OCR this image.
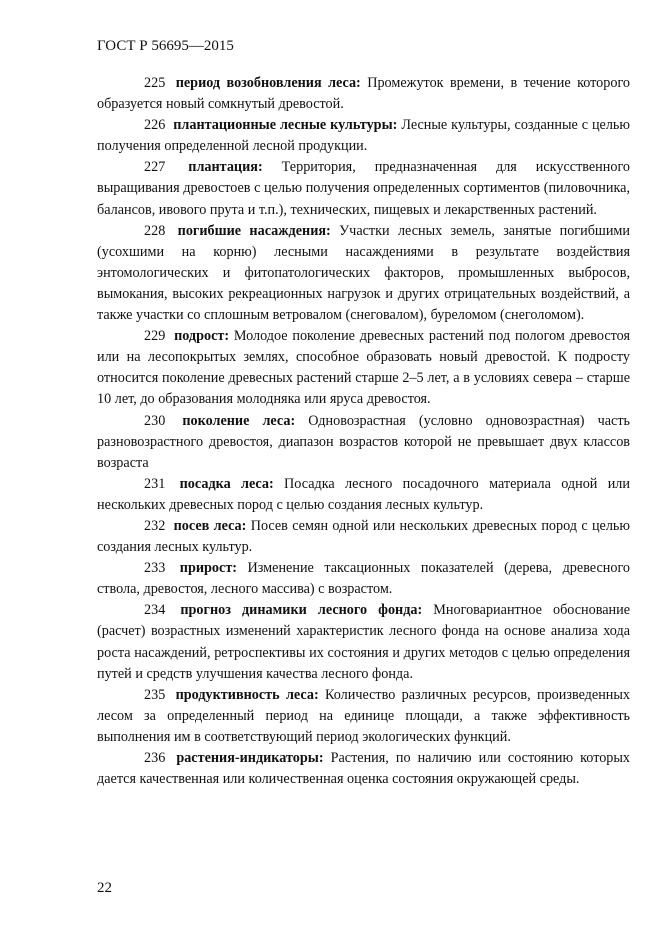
ГОСТ Р 56695—2015

225 период возобновления леса: Промежуток времени, в течение которого образуется новый сомкнутый древостой.

226 плантационные лесные культуры: Лесные культуры, созданные с целью получения определенной лесной продукции.

227 плантация: Территория, предназначенная для искусственного выращивания древостоев с целью получения определенных сортиментов (пиловочника, балансов, ивового прута и т.п.), технических, пищевых и лекарственных растений.

228 погибшие насаждения: Участки лесных земель, занятые погибшими (усохшими на корню) лесными насаждениями в результате воздействия энтомологических и фитопатологических факторов, промышленных выбросов, вымокания, высоких рекреационных нагрузок и других отрицательных воздействий, а также участки со сплошным ветровалом (снеговалом), буреломом (снеголомом).

229 подрост: Молодое поколение древесных растений под пологом древостоя или на лесопокрытых землях, способное образовать новый древостой. К подросту относится поколение древесных растений старше 2–5 лет, а в условиях севера – старше 10 лет, до образования молодняка или яруса древостоя.

230 поколение леса: Одновозрастная (условно одновозрастная) часть разновозрастного древостоя, диапазон возрастов которой не превышает двух классов возраста

231 посадка леса: Посадка лесного посадочного материала одной или нескольких древесных пород с целью создания лесных культур.

232 посев леса: Посев семян одной или нескольких древесных пород с целью создания лесных культур.

233 прирост: Изменение таксационных показателей (дерева, древесного ствола, древостоя, лесного массива) с возрастом.

234 прогноз динамики лесного фонда: Многовариантное обоснование (расчет) возрастных изменений характеристик лесного фонда на основе анализа хода роста насаждений, ретроспективы их состояния и других методов с целью определения путей и средств улучшения качества лесного фонда.

235 продуктивность леса: Количество различных ресурсов, произведенных лесом за определенный период на единице площади, а также эффективность выполнения им в соответствующий период экологических функций.

236 растения-индикаторы: Растения, по наличию или состоянию которых дается качественная или количественная оценка состояния окружающей среды.

22
